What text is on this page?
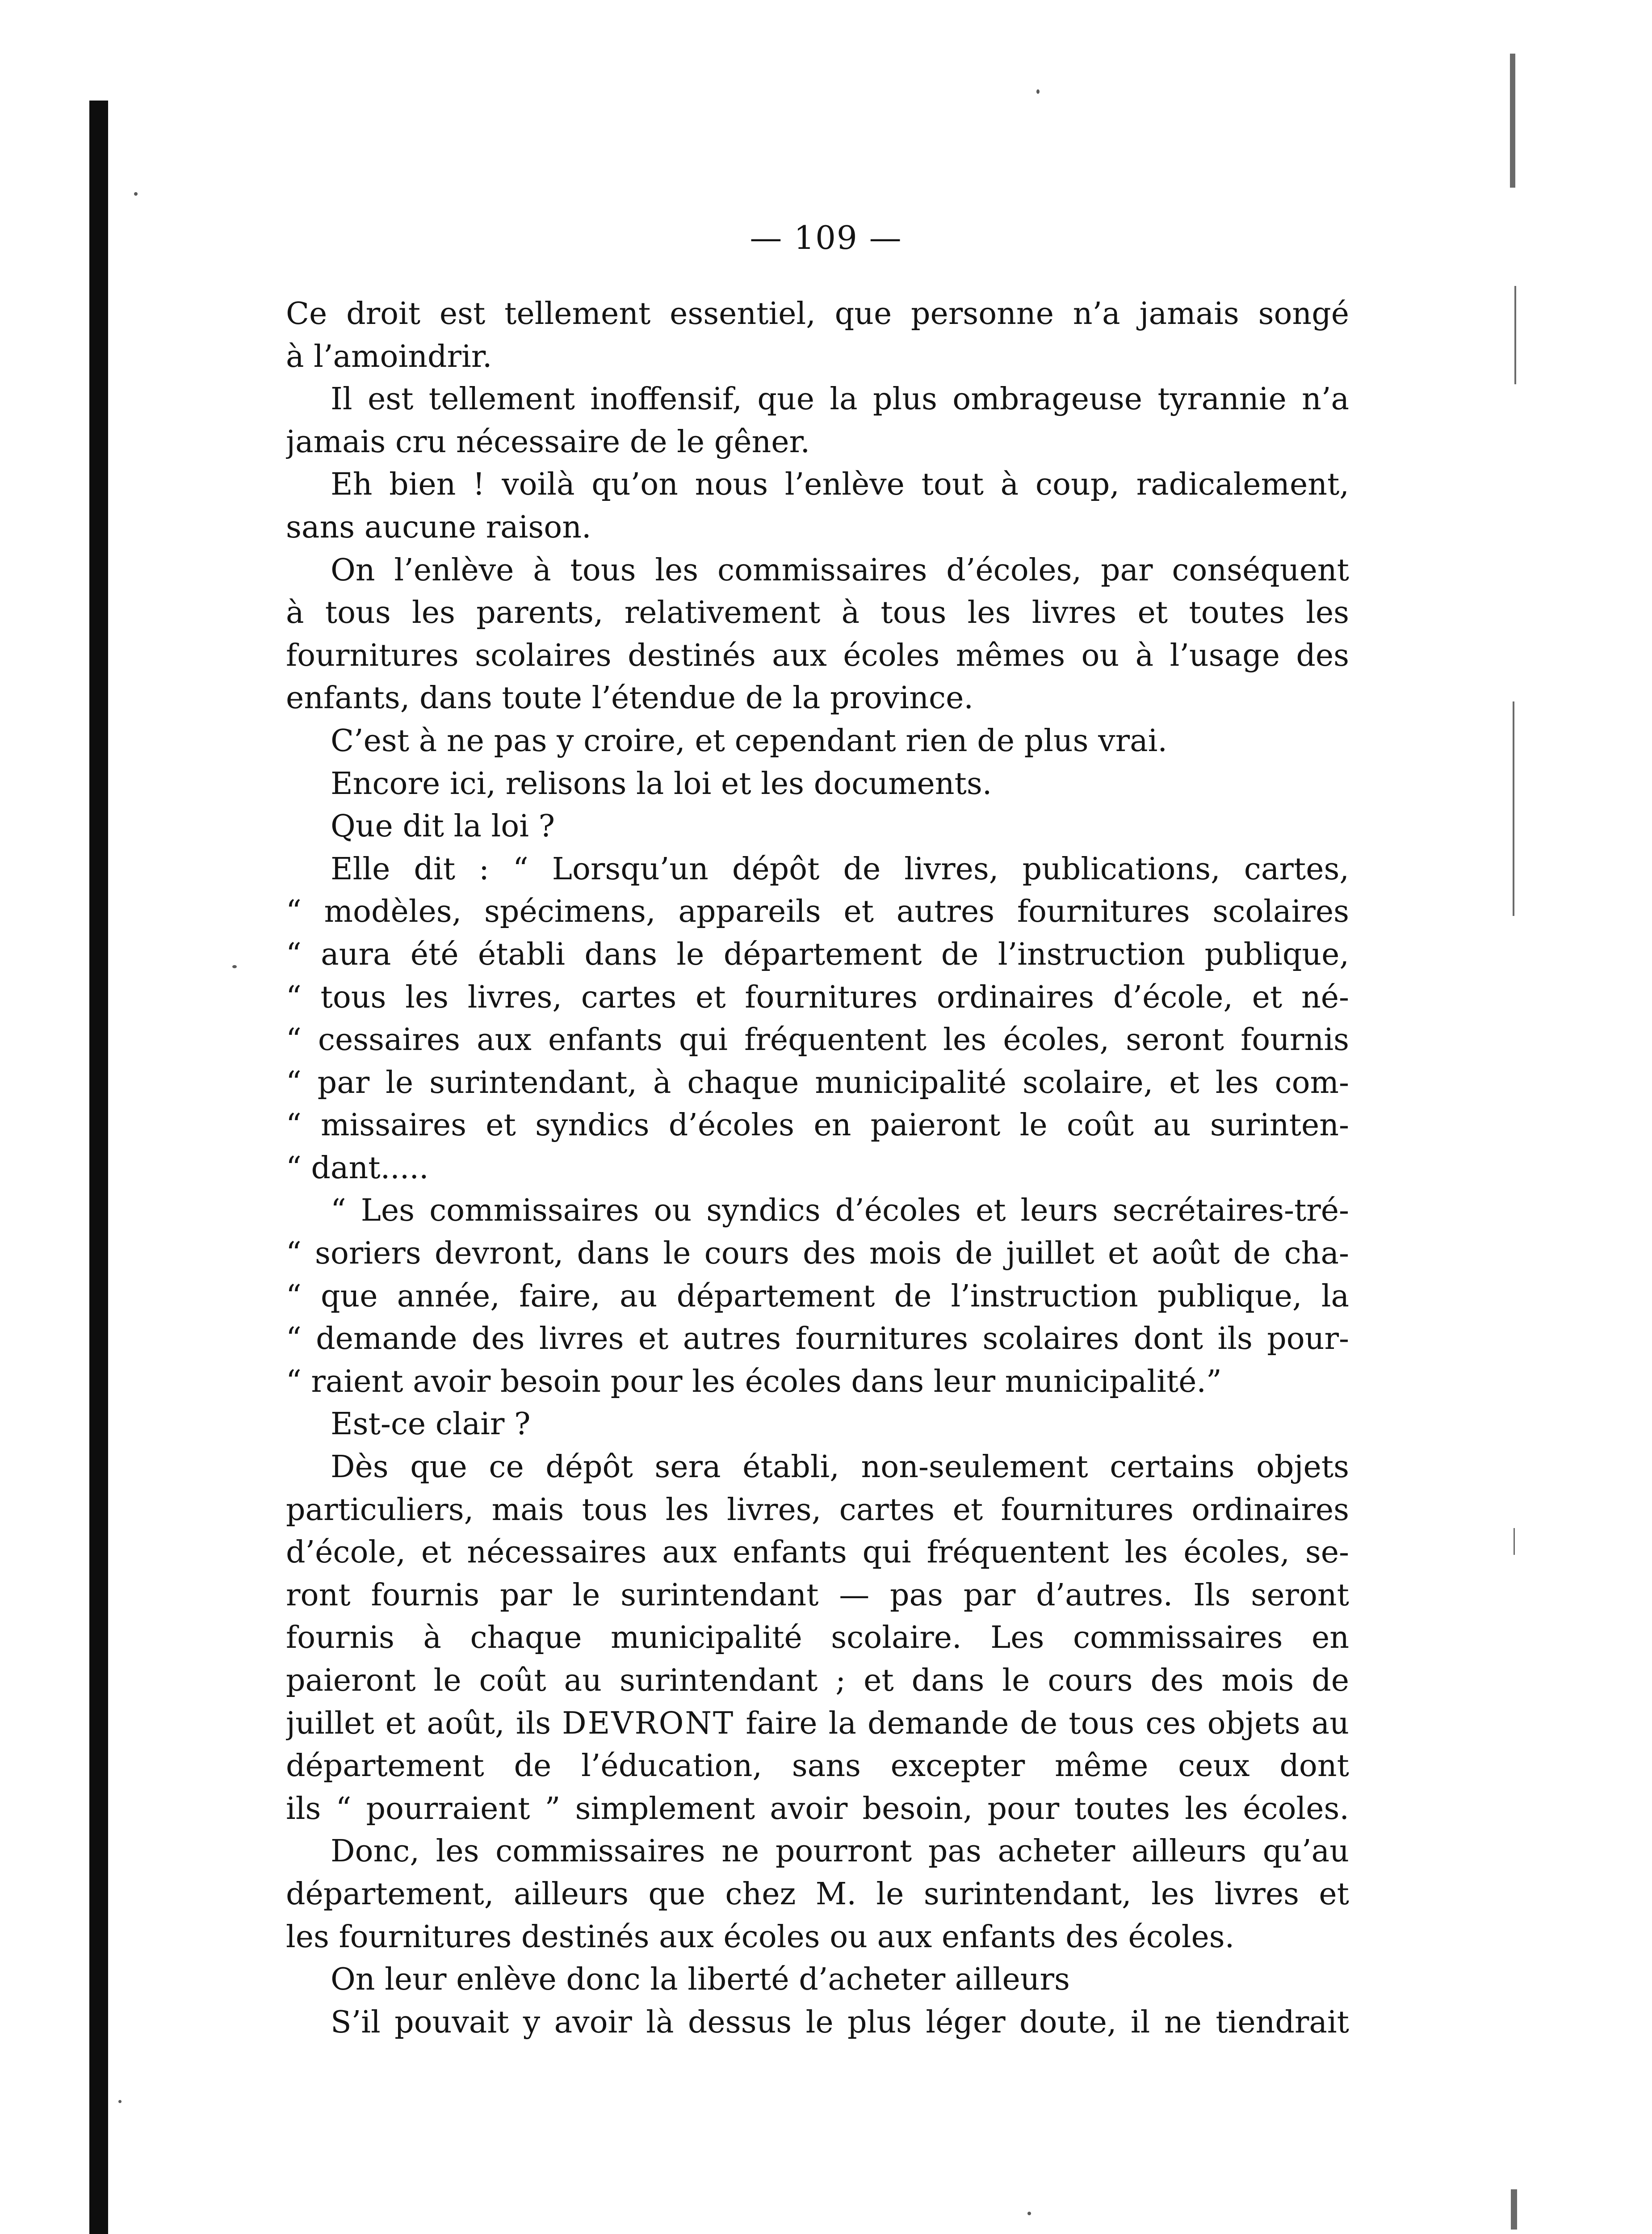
— 109 —
Ce droit est tellement essentiel, que personne n’a jamais songé
à l’amoindrir.
Il est tellement inoffensif, que la plus ombrageuse tyrannie n’a
jamais cru nécessaire de le gêner.
Eh bien ! voilà qu’on nous l’enlève tout à coup, radicalement,
sans aucune raison.
On l’enlève à tous les commissaires d’écoles, par conséquent
à tous les parents, relativement à tous les livres et toutes les
fournitures scolaires destinés aux écoles mêmes ou à l’usage des
enfants, dans toute l’étendue de la province.
C’est à ne pas y croire, et cependant rien de plus vrai.
Encore ici, relisons la loi et les documents.
Que dit la loi ?
Elle dit : “ Lorsqu’un dépôt de livres, publications, cartes,
“ modèles, spécimens, appareils et autres fournitures scolaires
“ aura été établi dans le département de l’instruction publique,
“ tous les livres, cartes et fournitures ordinaires d’école, et né-
“ cessaires aux enfants qui fréquentent les écoles, seront fournis
“ par le surintendant, à chaque municipalité scolaire, et les com-
“ missaires et syndics d’écoles en paieront le coût au surinten-
“ dant.....
“ Les commissaires ou syndics d’écoles et leurs secrétaires-tré-
“ soriers devront, dans le cours des mois de juillet et août de cha-
“ que année, faire, au département de l’instruction publique, la
“ demande des livres et autres fournitures scolaires dont ils pour-
“ raient avoir besoin pour les écoles dans leur municipalité.”
Est-ce clair ?
Dès que ce dépôt sera établi, non-seulement certains objets
particuliers, mais tous les livres, cartes et fournitures ordinaires
d’école, et nécessaires aux enfants qui fréquentent les écoles, se-
ront fournis par le surintendant — pas par d’autres. Ils seront
fournis à chaque municipalité scolaire. Les commissaires en
paieront le coût au surintendant ; et dans le cours des mois de
juillet et août, ils DEVRONT faire la demande de tous ces objets au
département de l’éducation, sans excepter même ceux dont
ils “ pourraient ” simplement avoir besoin, pour toutes les écoles.
Donc, les commissaires ne pourront pas acheter ailleurs qu’au
département, ailleurs que chez M. le surintendant, les livres et
les fournitures destinés aux écoles ou aux enfants des écoles.
On leur enlève donc la liberté d’acheter ailleurs
S’il pouvait y avoir là dessus le plus léger doute, il ne tiendrait
